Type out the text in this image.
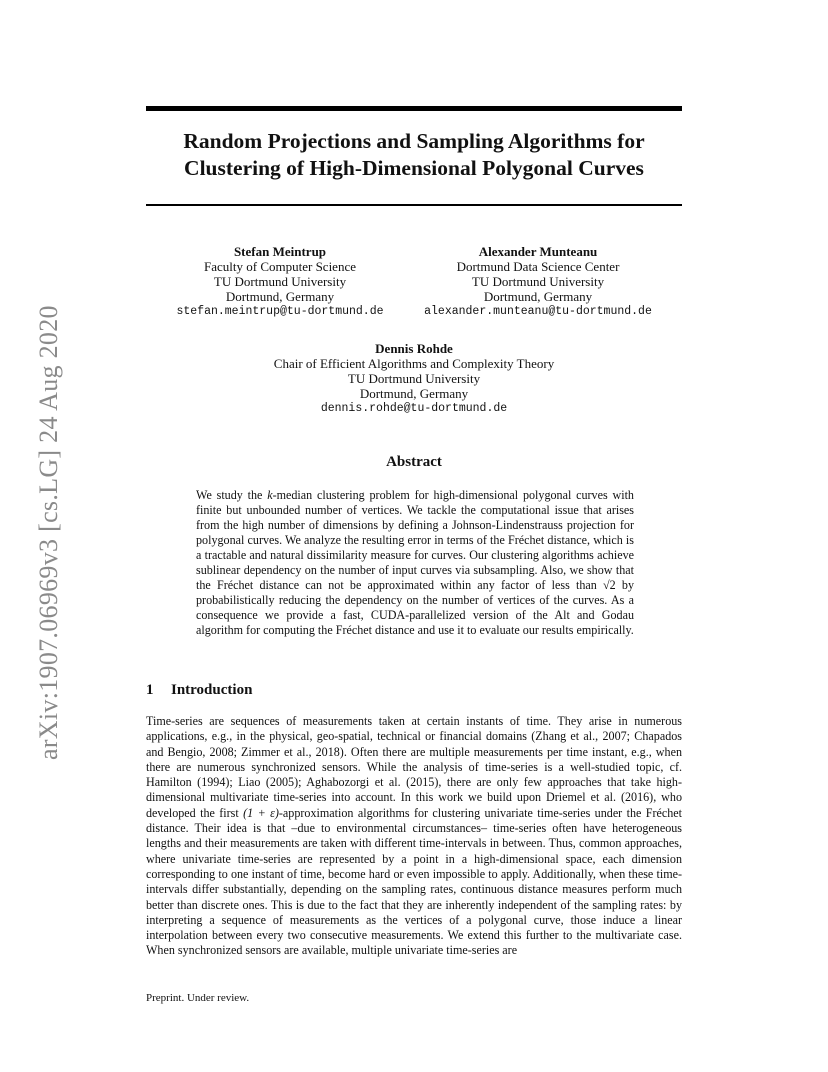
Random Projections and Sampling Algorithms for
Clustering of High-Dimensional Polygonal Curves
arXiv:1907.06969v3 [cs.LG] 24 Aug 2020
Stefan Meintrup
Faculty of Computer Science
TU Dortmund University
Dortmund, Germany
stefan.meintrup@tu-dortmund.de
Alexander Munteanu
Dortmund Data Science Center
TU Dortmund University
Dortmund, Germany
alexander.munteanu@tu-dortmund.de
Dennis Rohde
Chair of Efficient Algorithms and Complexity Theory
TU Dortmund University
Dortmund, Germany
dennis.rohde@tu-dortmund.de
Abstract

We study the k-median clustering problem for high-dimensional polygonal curves with finite but unbounded number of vertices. We tackle the computational issue that arises from the high number of dimensions by defining a Johnson-Lindenstrauss projection for polygonal curves. We analyze the resulting error in terms of the Fréchet distance, which is a tractable and natural dissimilarity measure for curves. Our clustering algorithms achieve sublinear dependency on the number of input curves via subsampling. Also, we show that the Fréchet distance can not be approximated within any factor of less than √2 by probabilistically reducing the dependency on the number of vertices of the curves. As a consequence we provide a fast, CUDA-parallelized version of the Alt and Godau algorithm for computing the Fréchet distance and use it to evaluate our results empirically.

1 Introduction

Time-series are sequences of measurements taken at certain instants of time. They arise in numerous applications, e.g., in the physical, geo-spatial, technical or financial domains (Zhang et al., 2007; Chapados and Bengio, 2008; Zimmer et al., 2018). Often there are multiple measurements per time instant, e.g., when there are numerous synchronized sensors. While the analysis of time-series is a well-studied topic, cf. Hamilton (1994); Liao (2005); Aghabozorgi et al. (2015), there are only few approaches that take high-dimensional multivariate time-series into account. In this work we build upon Driemel et al. (2016), who developed the first (1 + ε)-approximation algorithms for clustering univariate time-series under the Fréchet distance. Their idea is that –due to environmental circumstances– time-series often have heterogeneous lengths and their measurements are taken with different time-intervals in between. Thus, common approaches, where univariate time-series are represented by a point in a high-dimensional space, each dimension corresponding to one instant of time, become hard or even impossible to apply. Additionally, when these time-intervals differ substantially, depending on the sampling rates, continuous distance measures perform much better than discrete ones. This is due to the fact that they are inherently independent of the sampling rates: by interpreting a sequence of measurements as the vertices of a polygonal curve, those induce a linear interpolation between every two consecutive measurements. We extend this further to the multivariate case. When synchronized sensors are available, multiple univariate time-series are

Preprint. Under review.
